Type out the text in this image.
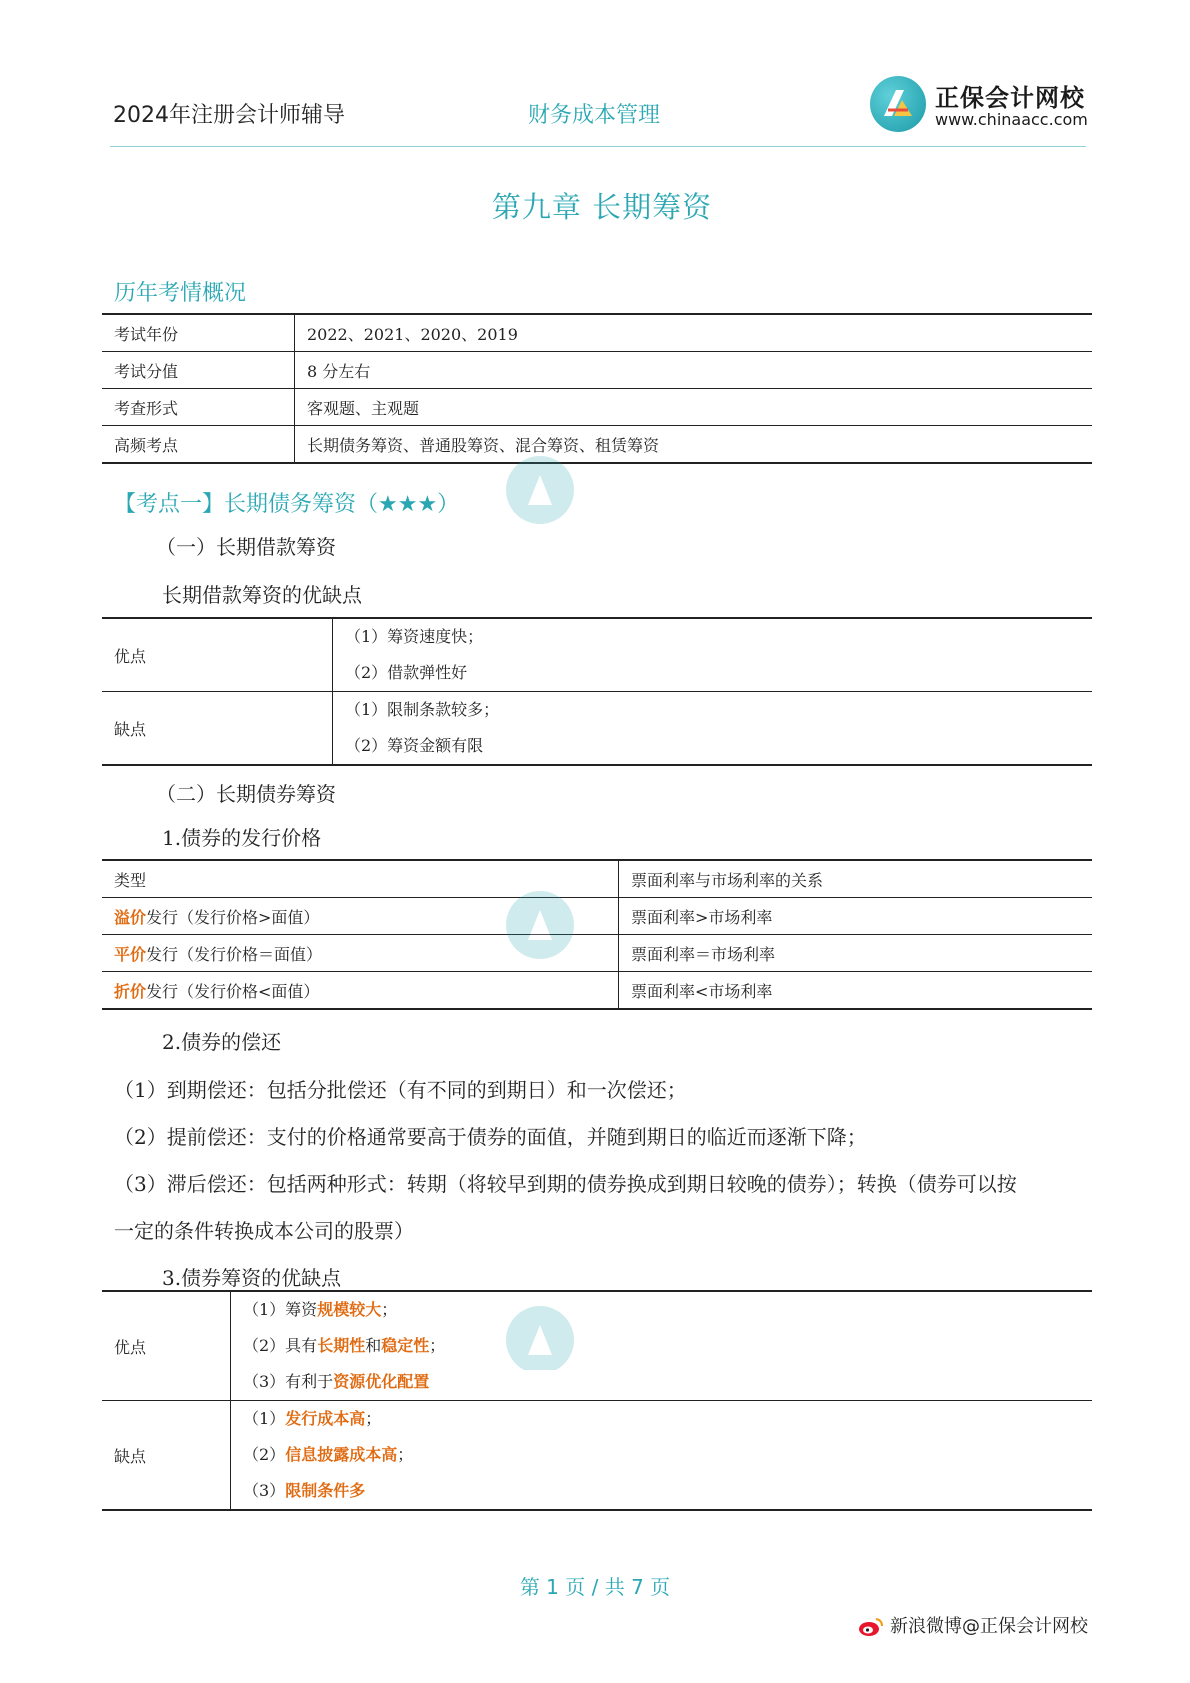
2024年注册会计师辅导	财务成本管理
正保会计网校
www.chinaacc.com
第九章 长期筹资
历年考情概况
考试年份	2022、2021、2020、2019
考试分值	8 分左右
考查形式	客观题、主观题
高频考点	长期债务筹资、普通股筹资、混合筹资、租赁筹资
【考点一】长期债务筹资（★★★）
（一）长期借款筹资
长期借款筹资的优缺点
优点	（1）筹资速度快；
（2）借款弹性好

缺点	（1）限制条款较多；
（2）筹资金额有限
（二）长期债券筹资
1.债券的发行价格
类型	票面利率与市场利率的关系
溢价发行（发行价格>面值）	票面利率>市场利率
平价发行（发行价格＝面值）	票面利率＝市场利率
折价发行（发行价格<面值）	票面利率<市场利率
2.债券的偿还
（1）到期偿还：包括分批偿还（有不同的到期日）和一次偿还；
（2）提前偿还：支付的价格通常要高于债券的面值，并随到期日的临近而逐渐下降；
（3）滞后偿还：包括两种形式：转期（将较早到期的债券换成到期日较晚的债券）；转换（债券可以按
一定的条件转换成本公司的股票）
3.债券筹资的优缺点
优点	（1）筹资规模较大；
（2）具有长期性和稳定性；
（3）有利于资源优化配置

缺点	（1）发行成本高；
（2）信息披露成本高；
（3）限制条件多
第 1 页 / 共 7 页
新浪微博@正保会计网校
